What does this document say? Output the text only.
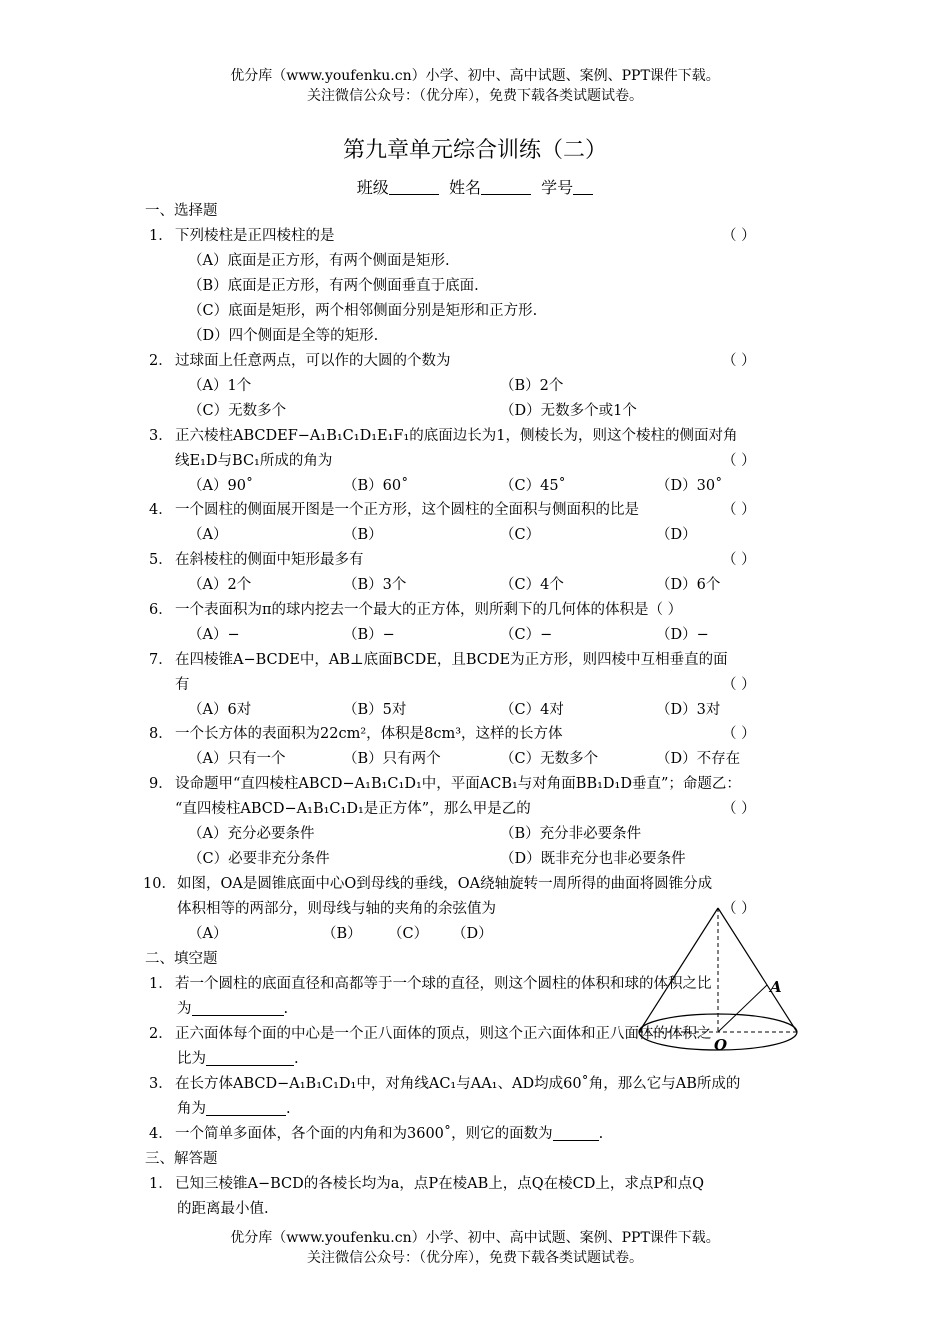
优分库（www.youfenku.cn）小学、初中、高中试题、案例、PPT课件下载。
关注微信公众号：（优分库），免费下载各类试题试卷。
第九章单元综合训练（二）
班级	姓名	学号
一、选择题
1． 下列棱柱是正四棱柱的是	（ ）
（A）底面是正方形，有两个侧面是矩形.
（B）底面是正方形，有两个侧面垂直于底面.
（C）底面是矩形，两个相邻侧面分别是矩形和正方形.
（D）四个侧面是全等的矩形.
2． 过球面上任意两点，可以作的大圆的个数为	（ ）
（A）1个	（B）2个
（C）无数多个	（D）无数多个或1个
3． 正六棱柱ABCDEF−A₁B₁C₁D₁E₁F₁的底面边长为1，侧棱长为，则这个棱柱的侧面对角
线E₁D与BC₁所成的角为	（ ）
（A）90˚	（B）60˚	（C）45˚	（D）30˚
4． 一个圆柱的侧面展开图是一个正方形，这个圆柱的全面积与侧面积的比是	（ ）
（A）	（B）	（C）	（D）
5． 在斜棱柱的侧面中矩形最多有	（ ）
（A）2个	（B）3个	（C）4个	（D）6个
6． 一个表面积为π的球内挖去一个最大的正方体，则所剩下的几何体的体积是（ ）
（A）−	（B）−	（C）−	（D）−
7． 在四棱锥A−BCDE中，AB⊥底面BCDE，且BCDE为正方形，则四棱中互相垂直的面
有	（ ）
（A）6对	（B）5对	（C）4对	（D）3对
8． 一个长方体的表面积为22cm²，体积是8cm³，这样的长方体	（ ）
（A）只有一个	（B）只有两个	（C）无数多个	（D）不存在
9． 设命题甲“直四棱柱ABCD−A₁B₁C₁D₁中，平面ACB₁与对角面BB₁D₁D垂直”；命题乙：
“直四棱柱ABCD−A₁B₁C₁D₁是正方体”，那么甲是乙的	（ ）
（A）充分必要条件	（B）充分非必要条件
（C）必要非充分条件	（D）既非充分也非必要条件
10． 如图，OA是圆锥底面中心O到母线的垂线，OA绕轴旋转一周所得的曲面将圆锥分成
体积相等的两部分，则母线与轴的夹角的余弦值为	（ ）
（A）	（B） （C） （D）
二、填空题
1． 若一个圆柱的底面直径和高都等于一个球的直径，则这个圆柱的体积和球的体积之比
为	.
2． 正六面体每个面的中心是一个正八面体的顶点，则这个正六面体和正八面体的体积之
比为	.
3． 在长方体ABCD−A₁B₁C₁D₁中，对角线AC₁与AA₁、AD均成60˚角，那么它与AB所成的
角为	.
4． 一个简单多面体，各个面的内角和为3600˚，则它的面数为	.
三、解答题
1． 已知三棱锥A−BCD的各棱长均为a，点P在棱AB上，点Q在棱CD上，求点P和点Q
的距离最小值.
A
O
优分库（www.youfenku.cn）小学、初中、高中试题、案例、PPT课件下载。
关注微信公众号：（优分库），免费下载各类试题试卷。
